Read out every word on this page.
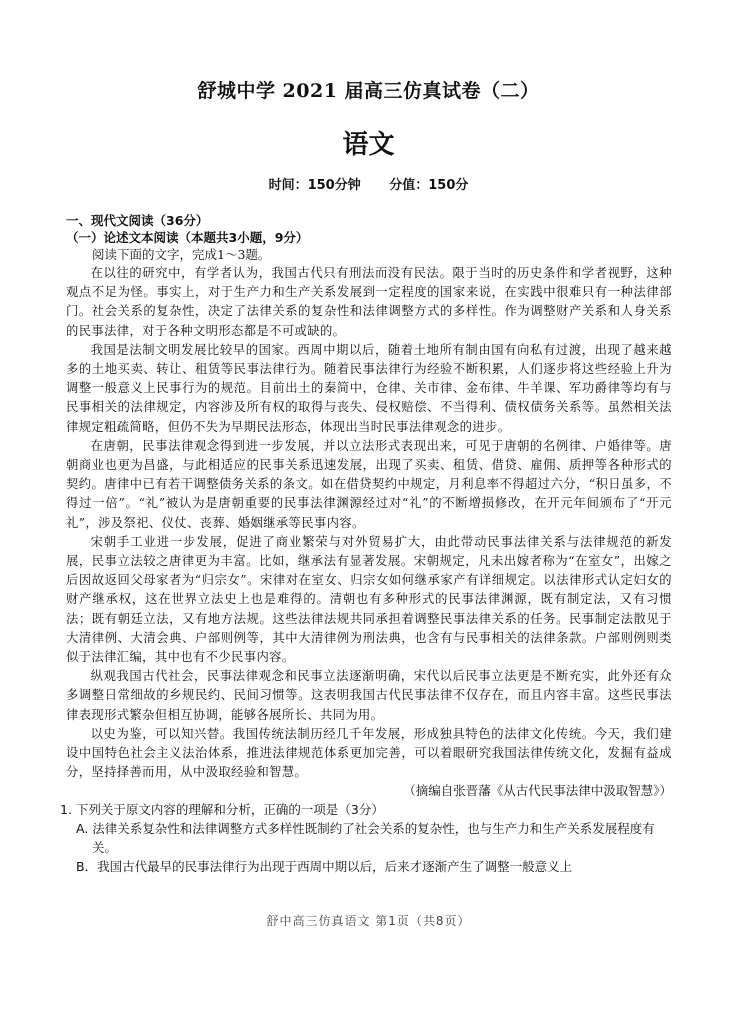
舒城中学 2021 届高三仿真试卷（二）
语文
时间：150分钟 分值：150分
一、现代文阅读（36分）
（一）论述文本阅读（本题共3小题，9分）
阅读下面的文字，完成1～3题。

在以往的研究中，有学者认为，我国古代只有刑法而没有民法。限于当时的历史条件和学者视野，这种观点不足为怪。事实上，对于生产力和生产关系发展到一定程度的国家来说，在实践中很难只有一种法律部门。社会关系的复杂性，决定了法律关系的复杂性和法律调整方式的多样性。作为调整财产关系和人身关系的民事法律，对于各种文明形态都是不可或缺的。

我国是法制文明发展比较早的国家。西周中期以后，随着土地所有制由国有向私有过渡，出现了越来越多的土地买卖、转让、租赁等民事法律行为。随着民事法律行为经验不断积累，人们逐步将这些经验上升为调整一般意义上民事行为的规范。目前出土的秦简中，仓律、关市律、金布律、牛羊课、军功爵律等均有与民事相关的法律规定，内容涉及所有权的取得与丧失、侵权赔偿、不当得利、债权债务关系等。虽然相关法律规定粗疏简略，但仍不失为早期民法形态，体现出当时民事法律观念的进步。

在唐朝，民事法律观念得到进一步发展，并以立法形式表现出来，可见于唐朝的名例律、户婚律等。唐朝商业也更为昌盛，与此相适应的民事关系迅速发展，出现了买卖、租赁、借贷、雇佣、质押等各种形式的契约。唐律中已有若干调整债务关系的条文。如在借贷契约中规定，月利息率不得超过六分，“积日虽多，不得过一倍”。“礼”被认为是唐朝重要的民事法律渊源经过对“礼”的不断增损修改，在开元年间颁布了“开元礼”，涉及祭祀、仪仗、丧葬、婚姻继承等民事内容。

宋朝手工业进一步发展，促进了商业繁荣与对外贸易扩大，由此带动民事法律关系与法律规范的新发展，民事立法较之唐律更为丰富。比如，继承法有显著发展。宋朝规定，凡未出嫁者称为“在室女”，出嫁之后因故返回父母家者为“归宗女”。宋律对在室女、归宗女如何继承家产有详细规定。以法律形式认定妇女的财产继承权，这在世界立法史上也是难得的。清朝也有多种形式的民事法律渊源，既有制定法，又有习惯法；既有朝廷立法，又有地方法规。这些法律法规共同承担着调整民事法律关系的任务。民事制定法散见于大清律例、大清会典、户部则例等，其中大清律例为刑法典，也含有与民事相关的法律条款。户部则例则类似于法律汇编，其中也有不少民事内容。

纵观我国古代社会，民事法律观念和民事立法逐渐明确，宋代以后民事立法更是不断充实，此外还有众多调整日常细故的乡规民约、民间习惯等。这表明我国古代民事法律不仅存在，而且内容丰富。这些民事法律表现形式繁杂但相互协调，能够各展所长、共同为用。

以史为鉴，可以知兴替。我国传统法制历经几千年发展，形成独具特色的法律文化传统。今天，我们建设中国特色社会主义法治体系，推进法律规范体系更加完善，可以着眼研究我国法律传统文化，发掘有益成分，坚持择善而用，从中汲取经验和智慧。

（摘编自张晋藩《从古代民事法律中汲取智慧》）
1. 下列关于原文内容的理解和分析，正确的一项是（3分）
A. 法律关系复杂性和法律调整方式多样性既制约了社会关系的复杂性，也与生产力和生产关系发展程度有关。
B．我国古代最早的民事法律行为出现于西周中期以后，后来才逐渐产生了调整一般意义上
舒中高三仿真语文 第1页（共8页）
